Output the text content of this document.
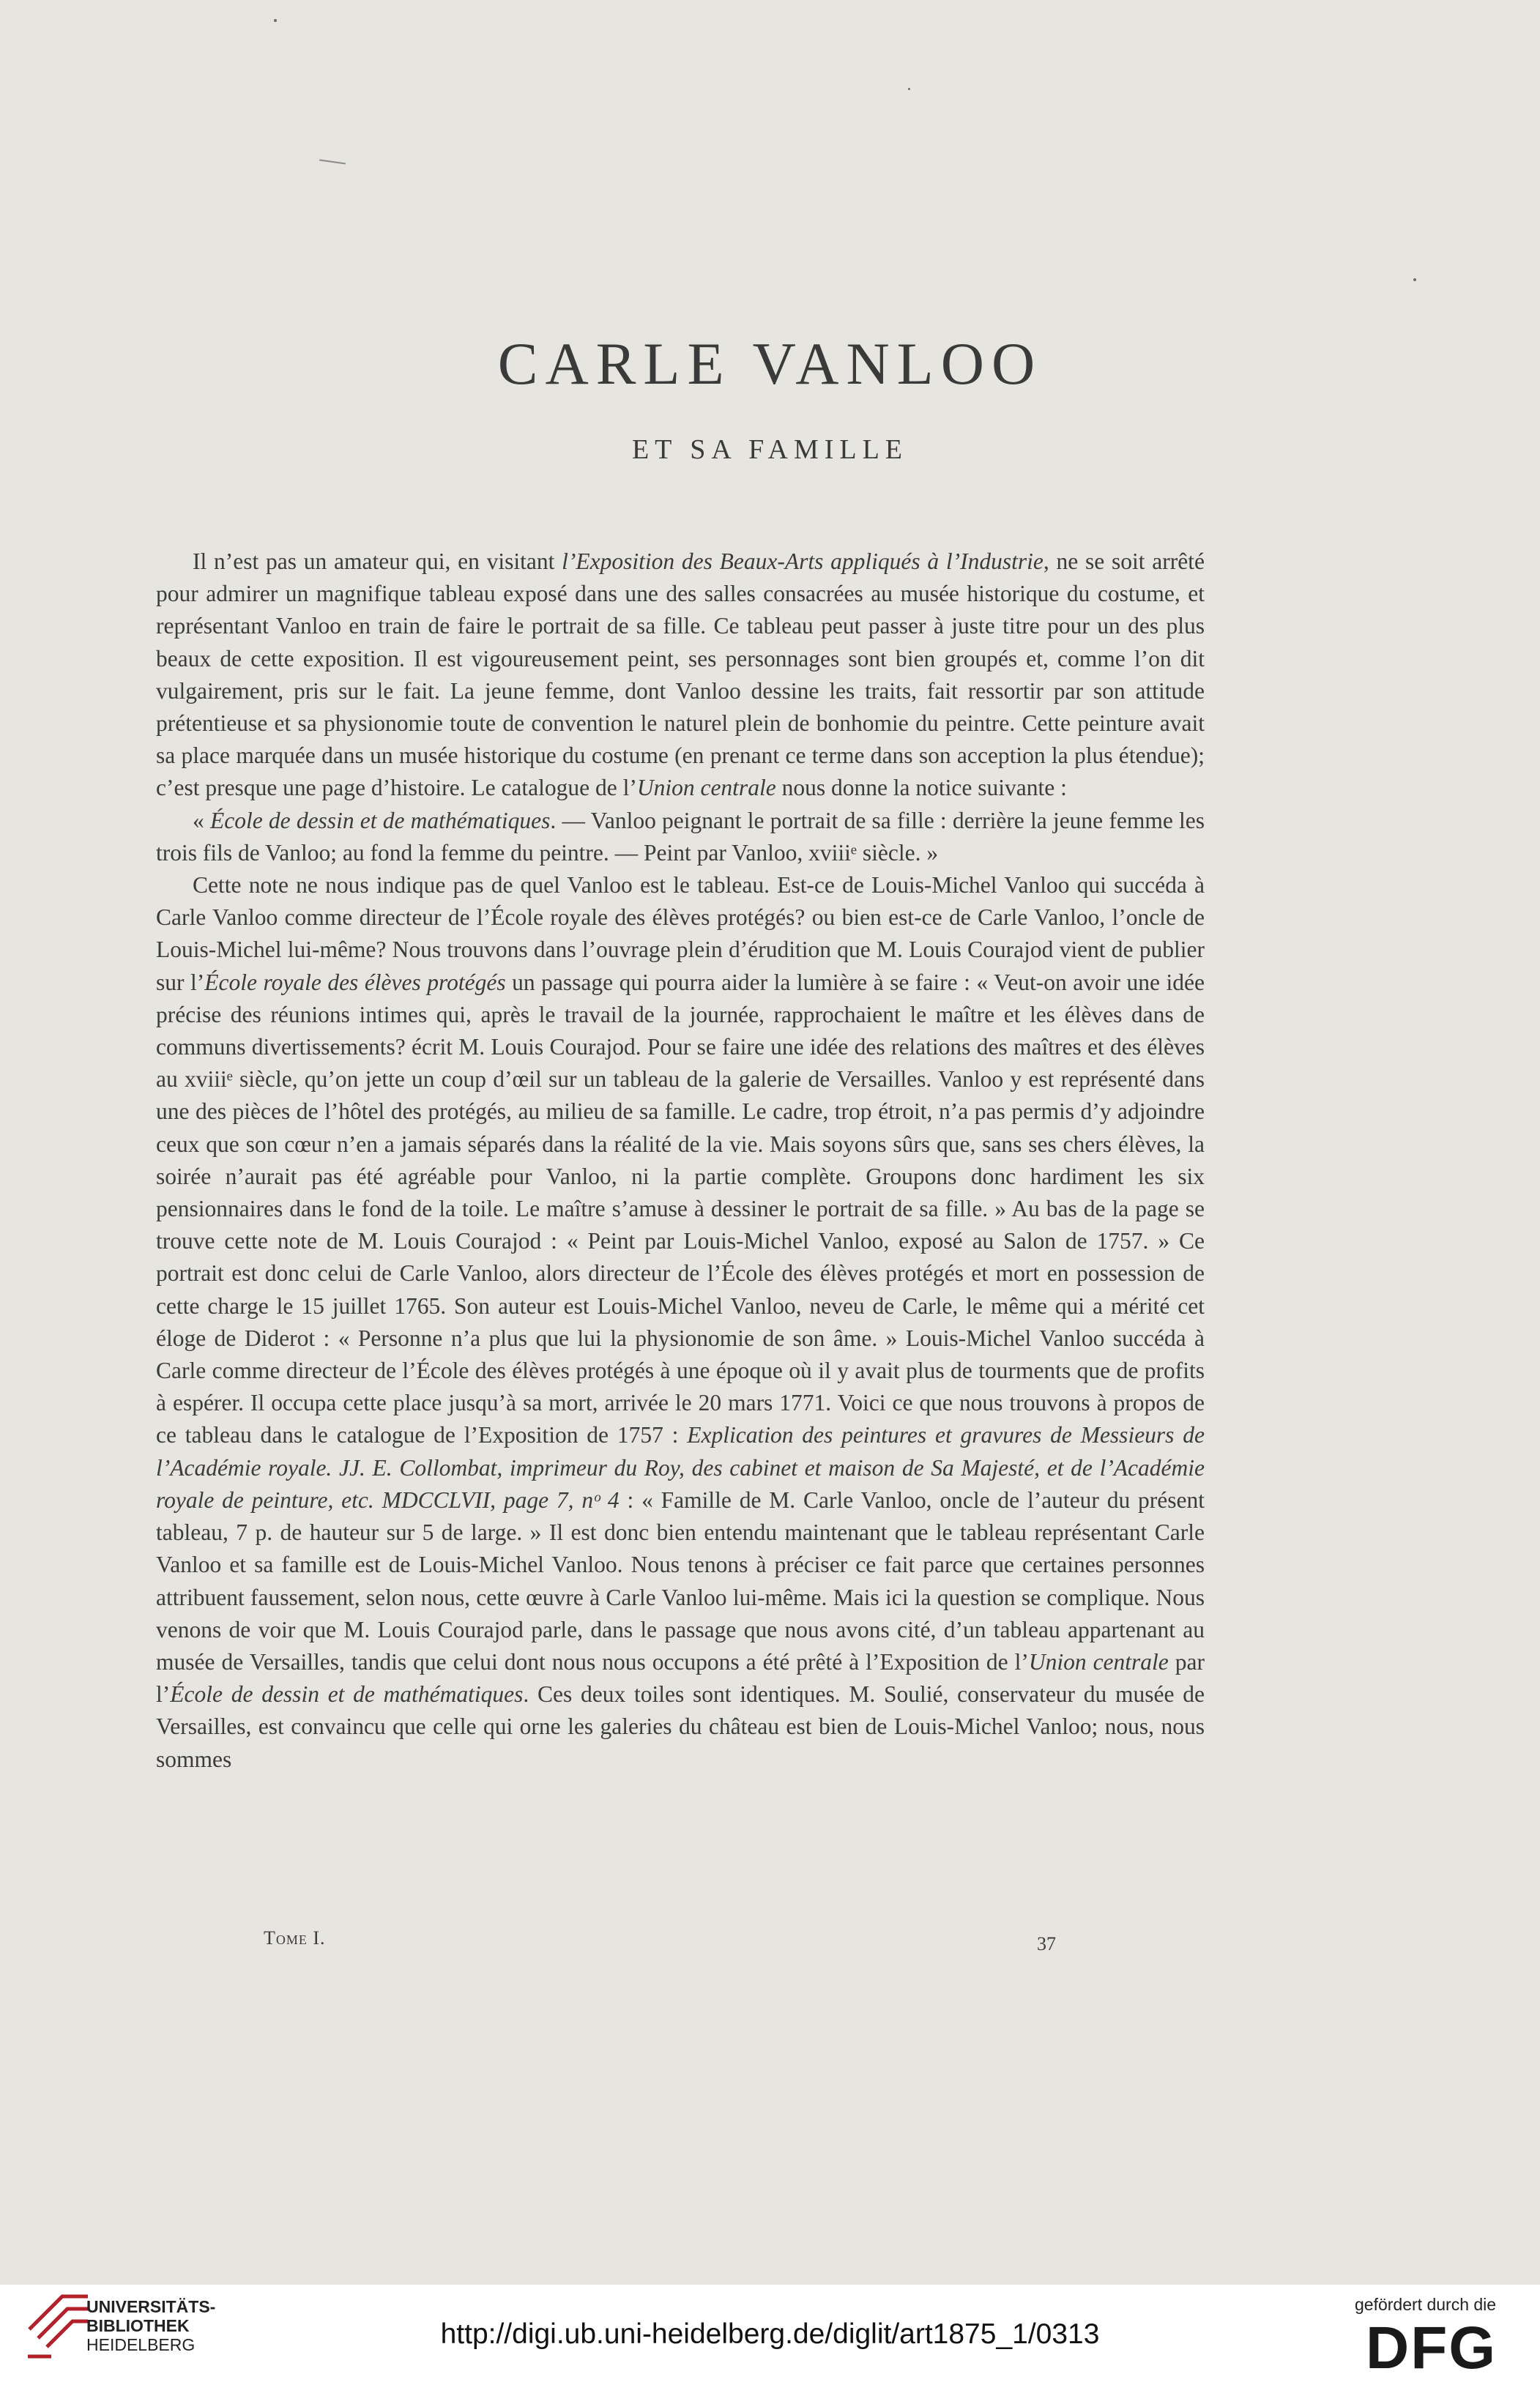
CARLE VANLOO
ET SA FAMILLE

Il n’est pas un amateur qui, en visitant l’Exposition des Beaux-Arts appliqués à l’Industrie, ne se soit arrêté pour admirer un magnifique tableau exposé dans une des salles consacrées au musée historique du costume, et représentant Vanloo en train de faire le portrait de sa fille. Ce tableau peut passer à juste titre pour un des plus beaux de cette exposition. Il est vigoureusement peint, ses personnages sont bien groupés et, comme l’on dit vulgairement, pris sur le fait. La jeune femme, dont Vanloo dessine les traits, fait ressortir par son attitude prétentieuse et sa physionomie toute de convention le naturel plein de bonhomie du peintre. Cette peinture avait sa place marquée dans un musée historique du costume (en prenant ce terme dans son acception la plus étendue); c’est presque une page d’histoire. Le catalogue de l’Union centrale nous donne la notice suivante :

« École de dessin et de mathématiques. — Vanloo peignant le portrait de sa fille : derrière la jeune femme les trois fils de Vanloo; au fond la femme du peintre. — Peint par Vanloo, xviiiᵉ siècle. »

Cette note ne nous indique pas de quel Vanloo est le tableau. Est-ce de Louis-Michel Vanloo qui succéda à Carle Vanloo comme directeur de l’École royale des élèves protégés? ou bien est-ce de Carle Vanloo, l’oncle de Louis-Michel lui-même? Nous trouvons dans l’ouvrage plein d’érudition que M. Louis Courajod vient de publier sur l’École royale des élèves protégés un passage qui pourra aider la lumière à se faire : « Veut-on avoir une idée précise des réunions intimes qui, après le travail de la journée, rapprochaient le maître et les élèves dans de communs divertissements? écrit M. Louis Courajod. Pour se faire une idée des relations des maîtres et des élèves au xviiiᵉ siècle, qu’on jette un coup d’œil sur un tableau de la galerie de Versailles. Vanloo y est représenté dans une des pièces de l’hôtel des protégés, au milieu de sa famille. Le cadre, trop étroit, n’a pas permis d’y adjoindre ceux que son cœur n’en a jamais séparés dans la réalité de la vie. Mais soyons sûrs que, sans ses chers élèves, la soirée n’aurait pas été agréable pour Vanloo, ni la partie complète. Groupons donc hardiment les six pensionnaires dans le fond de la toile. Le maître s’amuse à dessiner le portrait de sa fille. » Au bas de la page se trouve cette note de M. Louis Courajod : « Peint par Louis-Michel Vanloo, exposé au Salon de 1757. » Ce portrait est donc celui de Carle Vanloo, alors directeur de l’École des élèves protégés et mort en possession de cette charge le 15 juillet 1765. Son auteur est Louis-Michel Vanloo, neveu de Carle, le même qui a mérité cet éloge de Diderot : « Personne n’a plus que lui la physionomie de son âme. » Louis-Michel Vanloo succéda à Carle comme directeur de l’École des élèves protégés à une époque où il y avait plus de tourments que de profits à espérer. Il occupa cette place jusqu’à sa mort, arrivée le 20 mars 1771. Voici ce que nous trouvons à propos de ce tableau dans le catalogue de l’Exposition de 1757 : Explication des peintures et gravures de Messieurs de l’Académie royale. JJ. E. Collombat, imprimeur du Roy, des cabinet et maison de Sa Majesté, et de l’Académie royale de peinture, etc. MDCCLVII, page 7, nᵒ 4 : « Famille de M. Carle Vanloo, oncle de l’auteur du présent tableau, 7 p. de hauteur sur 5 de large. » Il est donc bien entendu maintenant que le tableau représentant Carle Vanloo et sa famille est de Louis-Michel Vanloo. Nous tenons à préciser ce fait parce que certaines personnes attribuent faussement, selon nous, cette œuvre à Carle Vanloo lui-même. Mais ici la question se complique. Nous venons de voir que M. Louis Courajod parle, dans le passage que nous avons cité, d’un tableau appartenant au musée de Versailles, tandis que celui dont nous nous occupons a été prêté à l’Exposition de l’Union centrale par l’École de dessin et de mathématiques. Ces deux toiles sont identiques. M. Soulié, conservateur du musée de Versailles, est convaincu que celle qui orne les galeries du château est bien de Louis-Michel Vanloo; nous, nous sommes

Tome I.	37
UNIVERSITÄTS-
BIBLIOTHEK
HEIDELBERG	http://digi.ub.uni-heidelberg.de/diglit/art1875_1/0313
gefördert durch die
DFG
